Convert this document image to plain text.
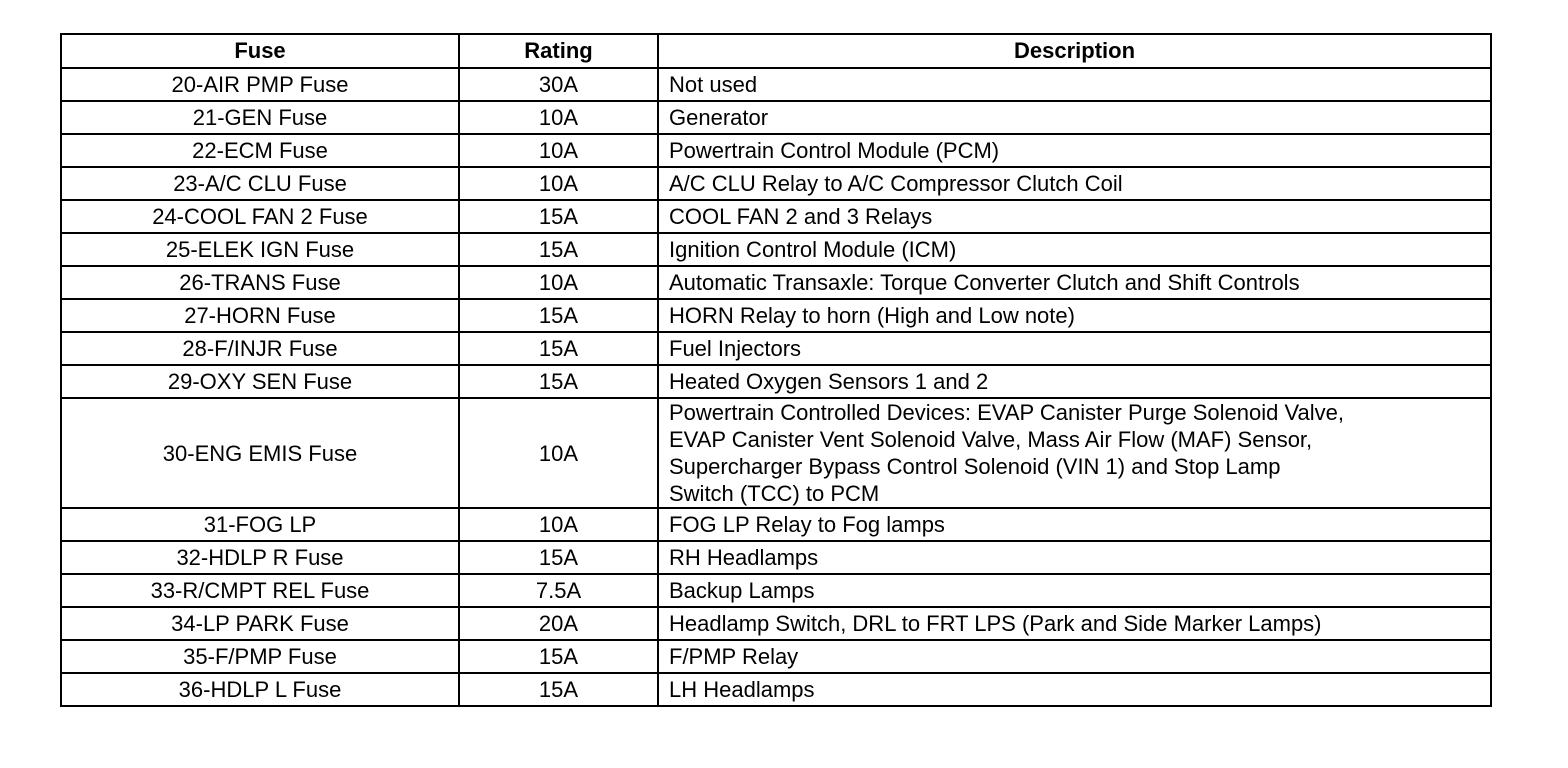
Fuse	Rating	Description
20-AIR PMP Fuse	30A	Not used
21-GEN Fuse	10A	Generator
22-ECM Fuse	10A	Powertrain Control Module (PCM)
23-A/C CLU Fuse	10A	A/C CLU Relay to A/C Compressor Clutch Coil
24-COOL FAN 2 Fuse	15A	COOL FAN 2 and 3 Relays
25-ELEK IGN Fuse	15A	Ignition Control Module (ICM)
26-TRANS Fuse	10A	Automatic Transaxle: Torque Converter Clutch and Shift Controls
27-HORN Fuse	15A	HORN Relay to horn (High and Low note)
28-F/INJR Fuse	15A	Fuel Injectors
29-OXY SEN Fuse	15A	Heated Oxygen Sensors 1 and 2
30-ENG EMIS Fuse	10A	Powertrain Controlled Devices: EVAP Canister Purge Solenoid Valve,
EVAP Canister Vent Solenoid Valve, Mass Air Flow (MAF) Sensor,
Supercharger Bypass Control Solenoid (VIN 1) and Stop Lamp
Switch (TCC) to PCM
31-FOG LP	10A	FOG LP Relay to Fog lamps
32-HDLP R Fuse	15A	RH Headlamps
33-R/CMPT REL Fuse	7.5A	Backup Lamps
34-LP PARK Fuse	20A	Headlamp Switch, DRL to FRT LPS (Park and Side Marker Lamps)
35-F/PMP Fuse	15A	F/PMP Relay
36-HDLP L Fuse	15A	LH Headlamps
